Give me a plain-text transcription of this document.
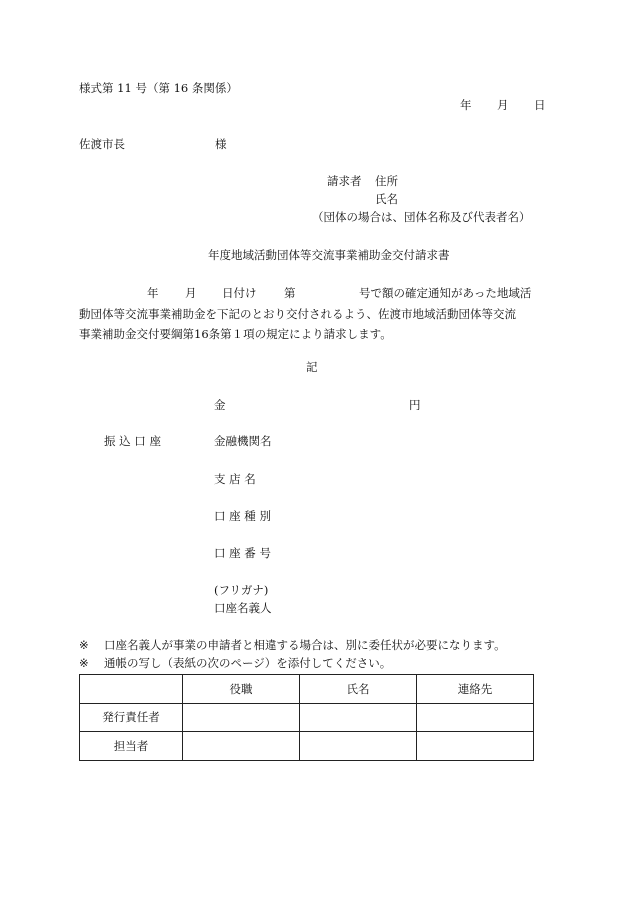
様式第 11 号（第 16 条関係）
年 月 日
佐渡市長	様
請求者 住所
氏名
（団体の場合は、団体名称及び代表者名）
年度地域活動団体等交流事業補助金交付請求書
年 月 日付け 第	号で額の確定通知があった地域活
動団体等交流事業補助金を下記のとおり交付されるよう、佐渡市地域活動団体等交流
事業補助金交付要綱第16条第１項の規定により請求します。
記
金	円
振 込 口 座	金融機関名
支 店 名
口 座 種 別
口 座 番 号
(フリガナ)
口座名義人
※ 口座名義人が事業の申請者と相違する場合は、別に委任状が必要になります。
※ 通帳の写し（表紙の次のページ）を添付してください。
	役職	氏名	連絡先
発行責任者			
担当者			
